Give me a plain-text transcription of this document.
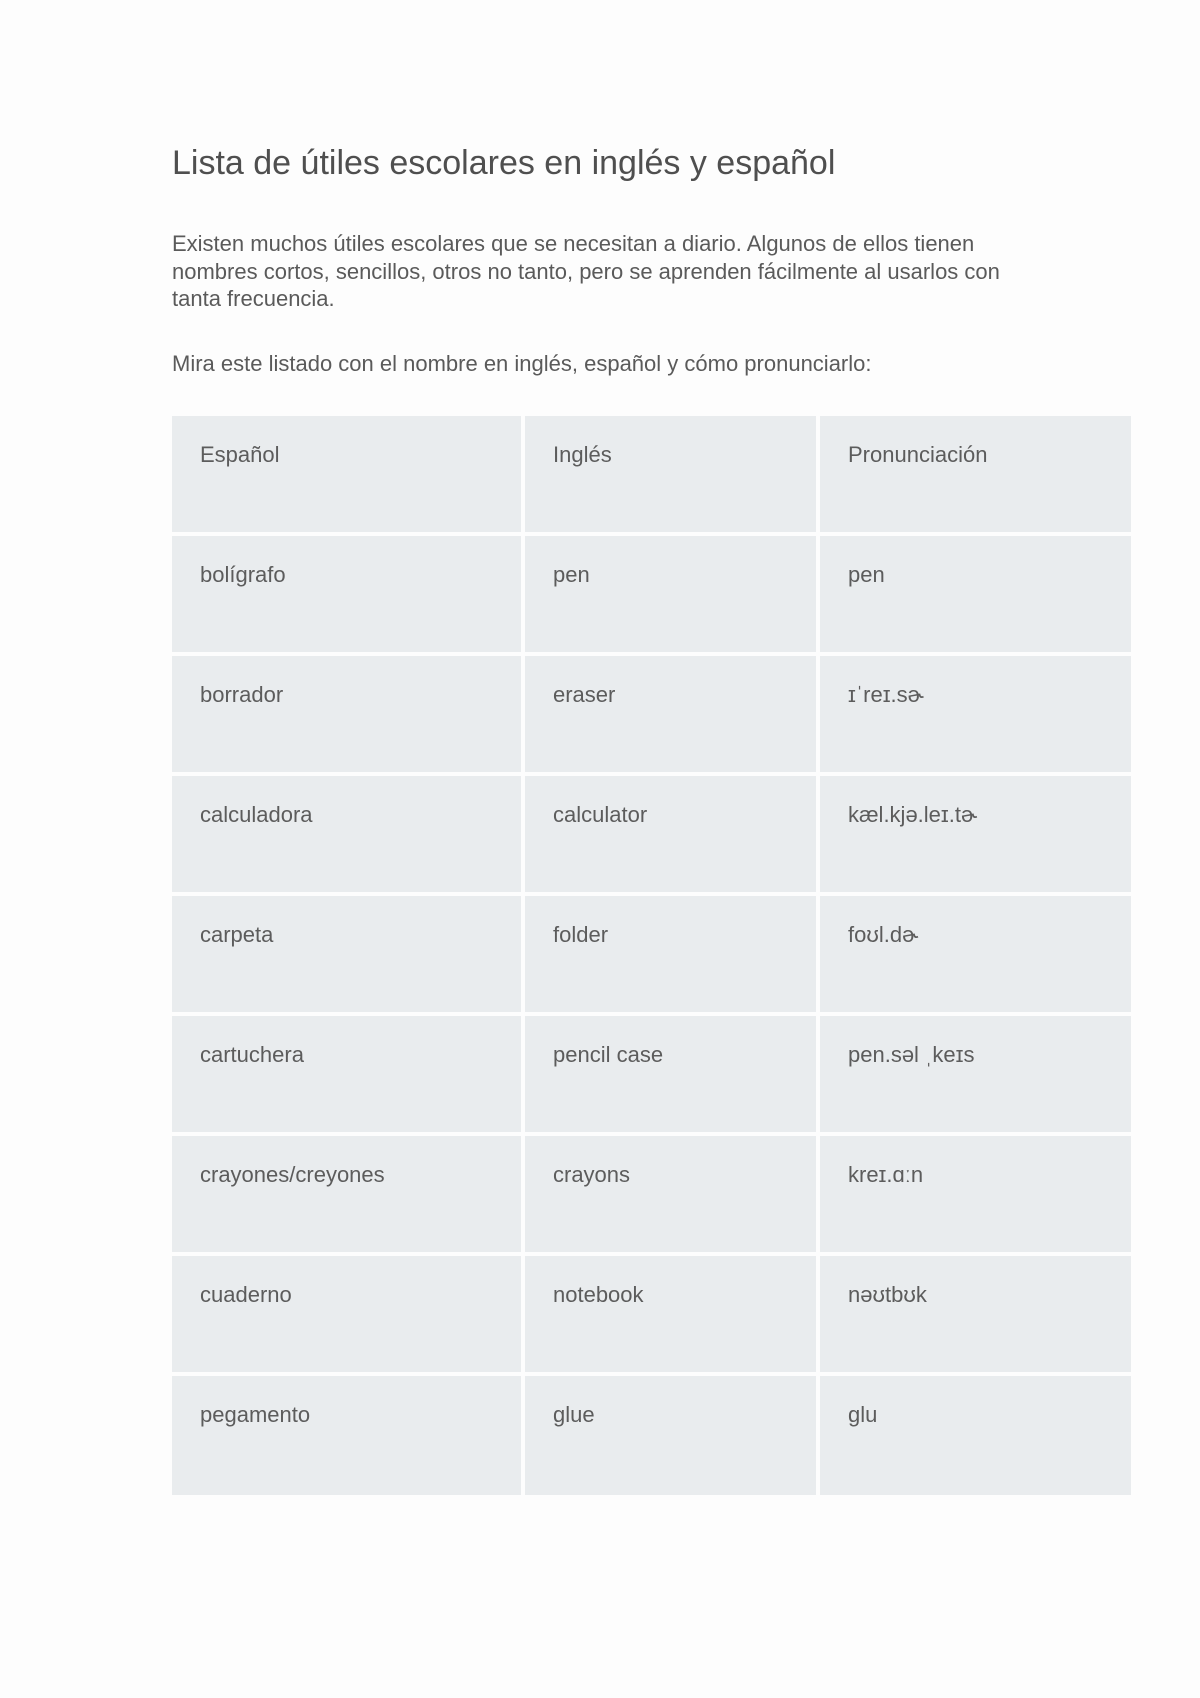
Lista de útiles escolares en inglés y español

Existen muchos útiles escolares que se necesitan a diario. Algunos de ellos tienen nombres cortos, sencillos, otros no tanto, pero se aprenden fácilmente al usarlos con tanta frecuencia.

Mira este listado con el nombre en inglés, español y cómo pronunciarlo:

Español	Inglés	Pronunciación
bolígrafo	pen	pen
borrador	eraser	ɪˈreɪ.sɚ
calculadora	calculator	kæl.kjə.leɪ.tɚ
carpeta	folder	foʊl.dɚ
cartuchera	pencil case	pen.səl ˌkeɪs
crayones/creyones	crayons	kreɪ.ɑːn
cuaderno	notebook	nəʊtbʊk
pegamento	glue	glu
